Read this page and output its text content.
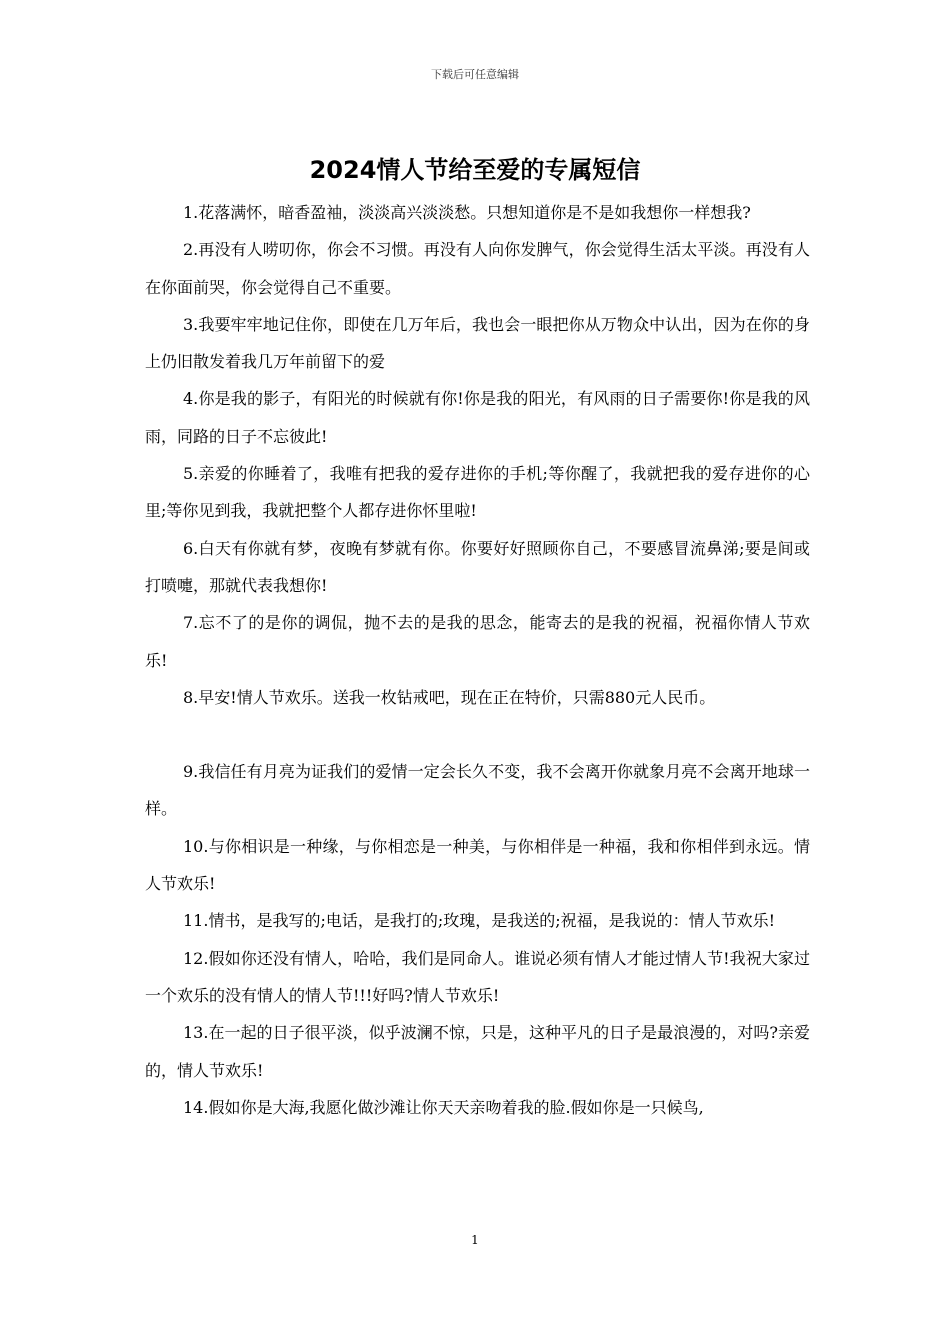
下载后可任意编辑
2024情人节给至爱的专属短信

1.花落满怀，暗香盈袖，淡淡高兴淡淡愁。只想知道你是不是如我想你一样想我?

2.再没有人唠叨你，你会不习惯。再没有人向你发脾气，你会觉得生活太平淡。再没有人在你面前哭，你会觉得自己不重要。

3.我要牢牢地记住你，即使在几万年后，我也会一眼把你从万物众中认出，因为在你的身上仍旧散发着我几万年前留下的爱

4.你是我的影子，有阳光的时候就有你!你是我的阳光，有风雨的日子需要你!你是我的风雨，同路的日子不忘彼此!

5.亲爱的你睡着了，我唯有把我的爱存进你的手机;等你醒了，我就把我的爱存进你的心里;等你见到我，我就把整个人都存进你怀里啦!

6.白天有你就有梦，夜晚有梦就有你。你要好好照顾你自己，不要感冒流鼻涕;要是间或打喷嚏，那就代表我想你!

7.忘不了的是你的调侃，抛不去的是我的思念，能寄去的是我的祝福，祝福你情人节欢乐!

8.早安!情人节欢乐。送我一枚钻戒吧，现在正在特价，只需880元人民币。

9.我信任有月亮为证我们的爱情一定会长久不变，我不会离开你就象月亮不会离开地球一样。

10.与你相识是一种缘，与你相恋是一种美，与你相伴是一种福，我和你相伴到永远。情人节欢乐!

11.情书，是我写的;电话，是我打的;玫瑰，是我送的;祝福，是我说的：情人节欢乐!

12.假如你还没有情人，哈哈，我们是同命人。谁说必须有情人才能过情人节!我祝大家过一个欢乐的没有情人的情人节!!!好吗?情人节欢乐!

13.在一起的日子很平淡，似乎波澜不惊，只是，这种平凡的日子是最浪漫的，对吗?亲爱的，情人节欢乐!

14.假如你是大海,我愿化做沙滩让你天天亲吻着我的脸.假如你是一只候鸟,

1
